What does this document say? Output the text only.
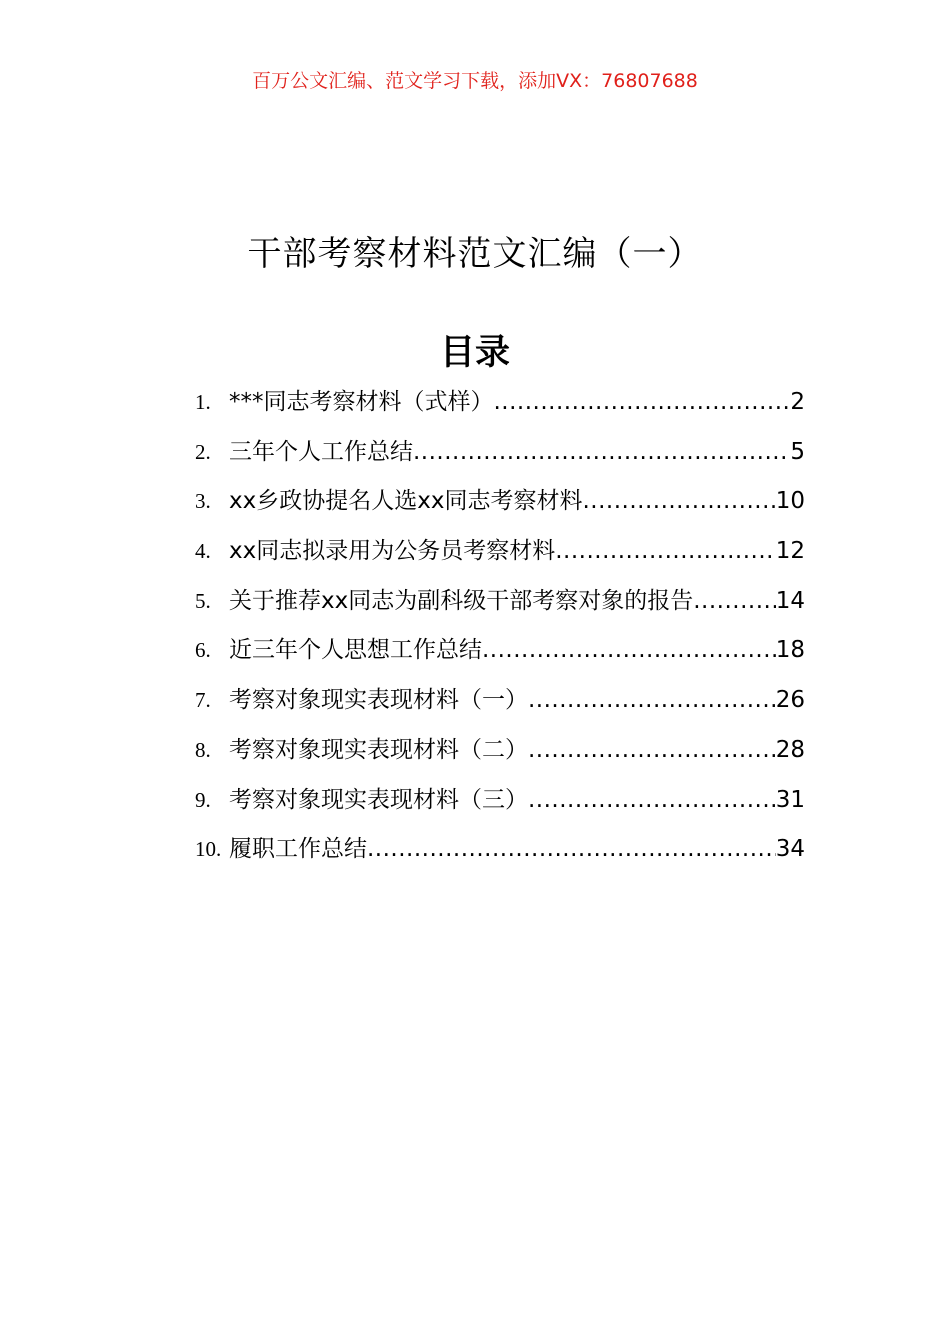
百万公文汇编、范文学习下载，添加VX：76807688
干部考察材料范文汇编（一）
目录
1. ***同志考察材料（式样） .....	2
2. 三年个人工作总结 .....	5
3. xx乡政协提名人选xx同志考察材料 .....	10
4. xx同志拟录用为公务员考察材料 .....	12
5. 关于推荐xx同志为副科级干部考察对象的报告 .....	14
6. 近三年个人思想工作总结 .....	18
7. 考察对象现实表现材料（一） .....	26
8. 考察对象现实表现材料（二） .....	28
9. 考察对象现实表现材料（三） .....	31
10. 履职工作总结 .....	34
